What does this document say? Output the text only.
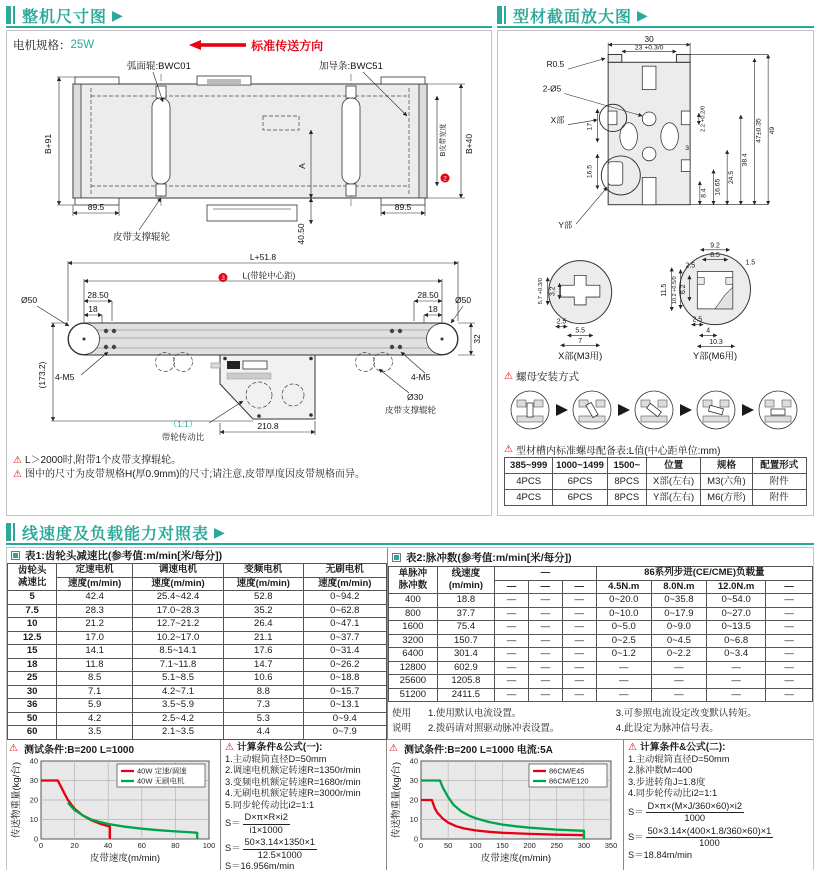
整机尺寸图 ▶
电机规格： 25W	标准传送方向
B+91	B+40
B皮带宽度
2
89.5	89.5
A
40.50
弧面辊:BWC01	加导条:BWC51
皮带支撑辊轮

L+51.8
3 L(带轮中心距)
28.50
18
28.50
18
Ø50	Ø50
(173.2)
32
4-M5	4-M5
Ø30
皮带支撑辊轮
（1:1）
带轮传动比
210.8
⚠ L＞2000时,附带1个皮带支撑辊轮。
⚠ 图中的尺寸为皮带规格H(厚0.9mm)的尺寸;请注意,皮带厚度因皮带规格而异。
型材截面放大图 ▶
R0.5
2-Ø5
X部
Y部
30
23 +0.3/0
17
16.5
2.2 +0.2/0
3
8.4 16.65
24.5
38.4
47±0.35 49

5.7 +0.3/0 3.2
2.5
5.5
7
X部(M3用)
9.2
8.5
2.5	1.5
11.5 10.2 +0.5/0 6.2
2.5
4
10.3
Y部(M6用)
⚠ 螺母安装方式
⚠ 型材槽内标准螺母配备表:L值(中心距单位:mm)
385~999	1000~1499	1500~	位置	规格	配置形式
4PCS	6PCS	8PCS	X部(左右)	M3(六角)	附件
4PCS	6PCS	8PCS	Y部(左右)	M6(方形)	附件
线速度及负载能力对照表 ▶
表1:齿轮头减速比(参考值:m/min[米/每分])
齿轮头
减速比	定速电机	调速电机	变频电机	无刷电机
	速度(m/min)	速度(m/min)	速度(m/min)	速度(m/min)
5	42.4	25.4~42.4	52.8	0~94.2
7.5	28.3	17.0~28.3	35.2	0~62.8
10	21.2	12.7~21.2	26.4	0~47.1
12.5	17.0	10.2~17.0	21.1	0~37.7
15	14.1	8.5~14.1	17.6	0~31.4
18	11.8	7.1~11.8	14.7	0~26.2
25	8.5	5.1~8.5	10.6	0~18.8
30	7.1	4.2~7.1	8.8	0~15.7
36	5.9	3.5~5.9	7.3	0~13.1
50	4.2	2.5~4.2	5.3	0~9.4
60	3.5	2.1~3.5	4.4	0~7.9
表2:脉冲数(参考值:m/min[米/每分])
单脉冲
脉冲数	线速度
(m/min)	—			86系列步进(CE/CME)负载量			
		—	—	—	4.5N.m	8.0N.m	12.0N.m	—
400	18.8	—	—	—	0~20.0	0~35.8	0~54.0	—
800	37.7	—	—	—	0~10.0	0~17.9	0~27.0	—
1600	75.4	—	—	—	0~5.0	0~9.0	0~13.5	—
3200	150.7	—	—	—	0~2.5	0~4.5	0~6.8	—
6400	301.4	—	—	—	0~1.2	0~2.2	0~3.4	—
12800	602.9	—	—	—	—	—	—	—
25600	1205.8	—	—	—	—	—	—	—
51200	2411.5	—	—	—	—	—	—	—
使用	1.使用默认电流设置。	3.可参照电流设定改变默认转矩。
说明	2.拨码请对照驱动脉冲表设置。	4.此设定为脉冲信号表。
⚠ 测试条件:B=200 L=1000
0	20	40	60	80	100
0
10
20
30
40
40W 定速/调速
40W 无刷电机
皮带速度(m/min)
传送物重量(kg/台)
⚠ 计算条件&公式(一):
1.主动辊筒直径D=50mm
2.调速电机额定转速R=1350r/min
3.变频电机额定转速R=1680r/min
4.无刷电机额定转速R=3000r/min
5.同步轮传动比i2=1:1
$S= \frac{D\times\pi\times R\times i2}{i1\times 1000}$
$S= \frac{50\times 3.14\times 1350\times 1}{12.5\times 1000}$
S＝16.956m/min
⚠ 测试条件:B=200 L=1000 电流:5A
0	50 100 150 200 250 300 350
0
10
20
30
40
86CM/E45
86CM/E120
皮带速度(m/min)
传送物重量(kg/台)
⚠ 计算条件&公式(二):
1.主动辊筒直径D=50mm
2.脉冲数M=400
3.步进转角J=1.8度
4.同步轮传动比i2=1:1
$S= \frac{D\times\pi\times(M\times J/360\times 60)\times i2}{1000}$
$S= \frac{50\times 3.14\times(400\times 1.8/360\times 60)\times 1}{1000}$
S＝18.84m/min
